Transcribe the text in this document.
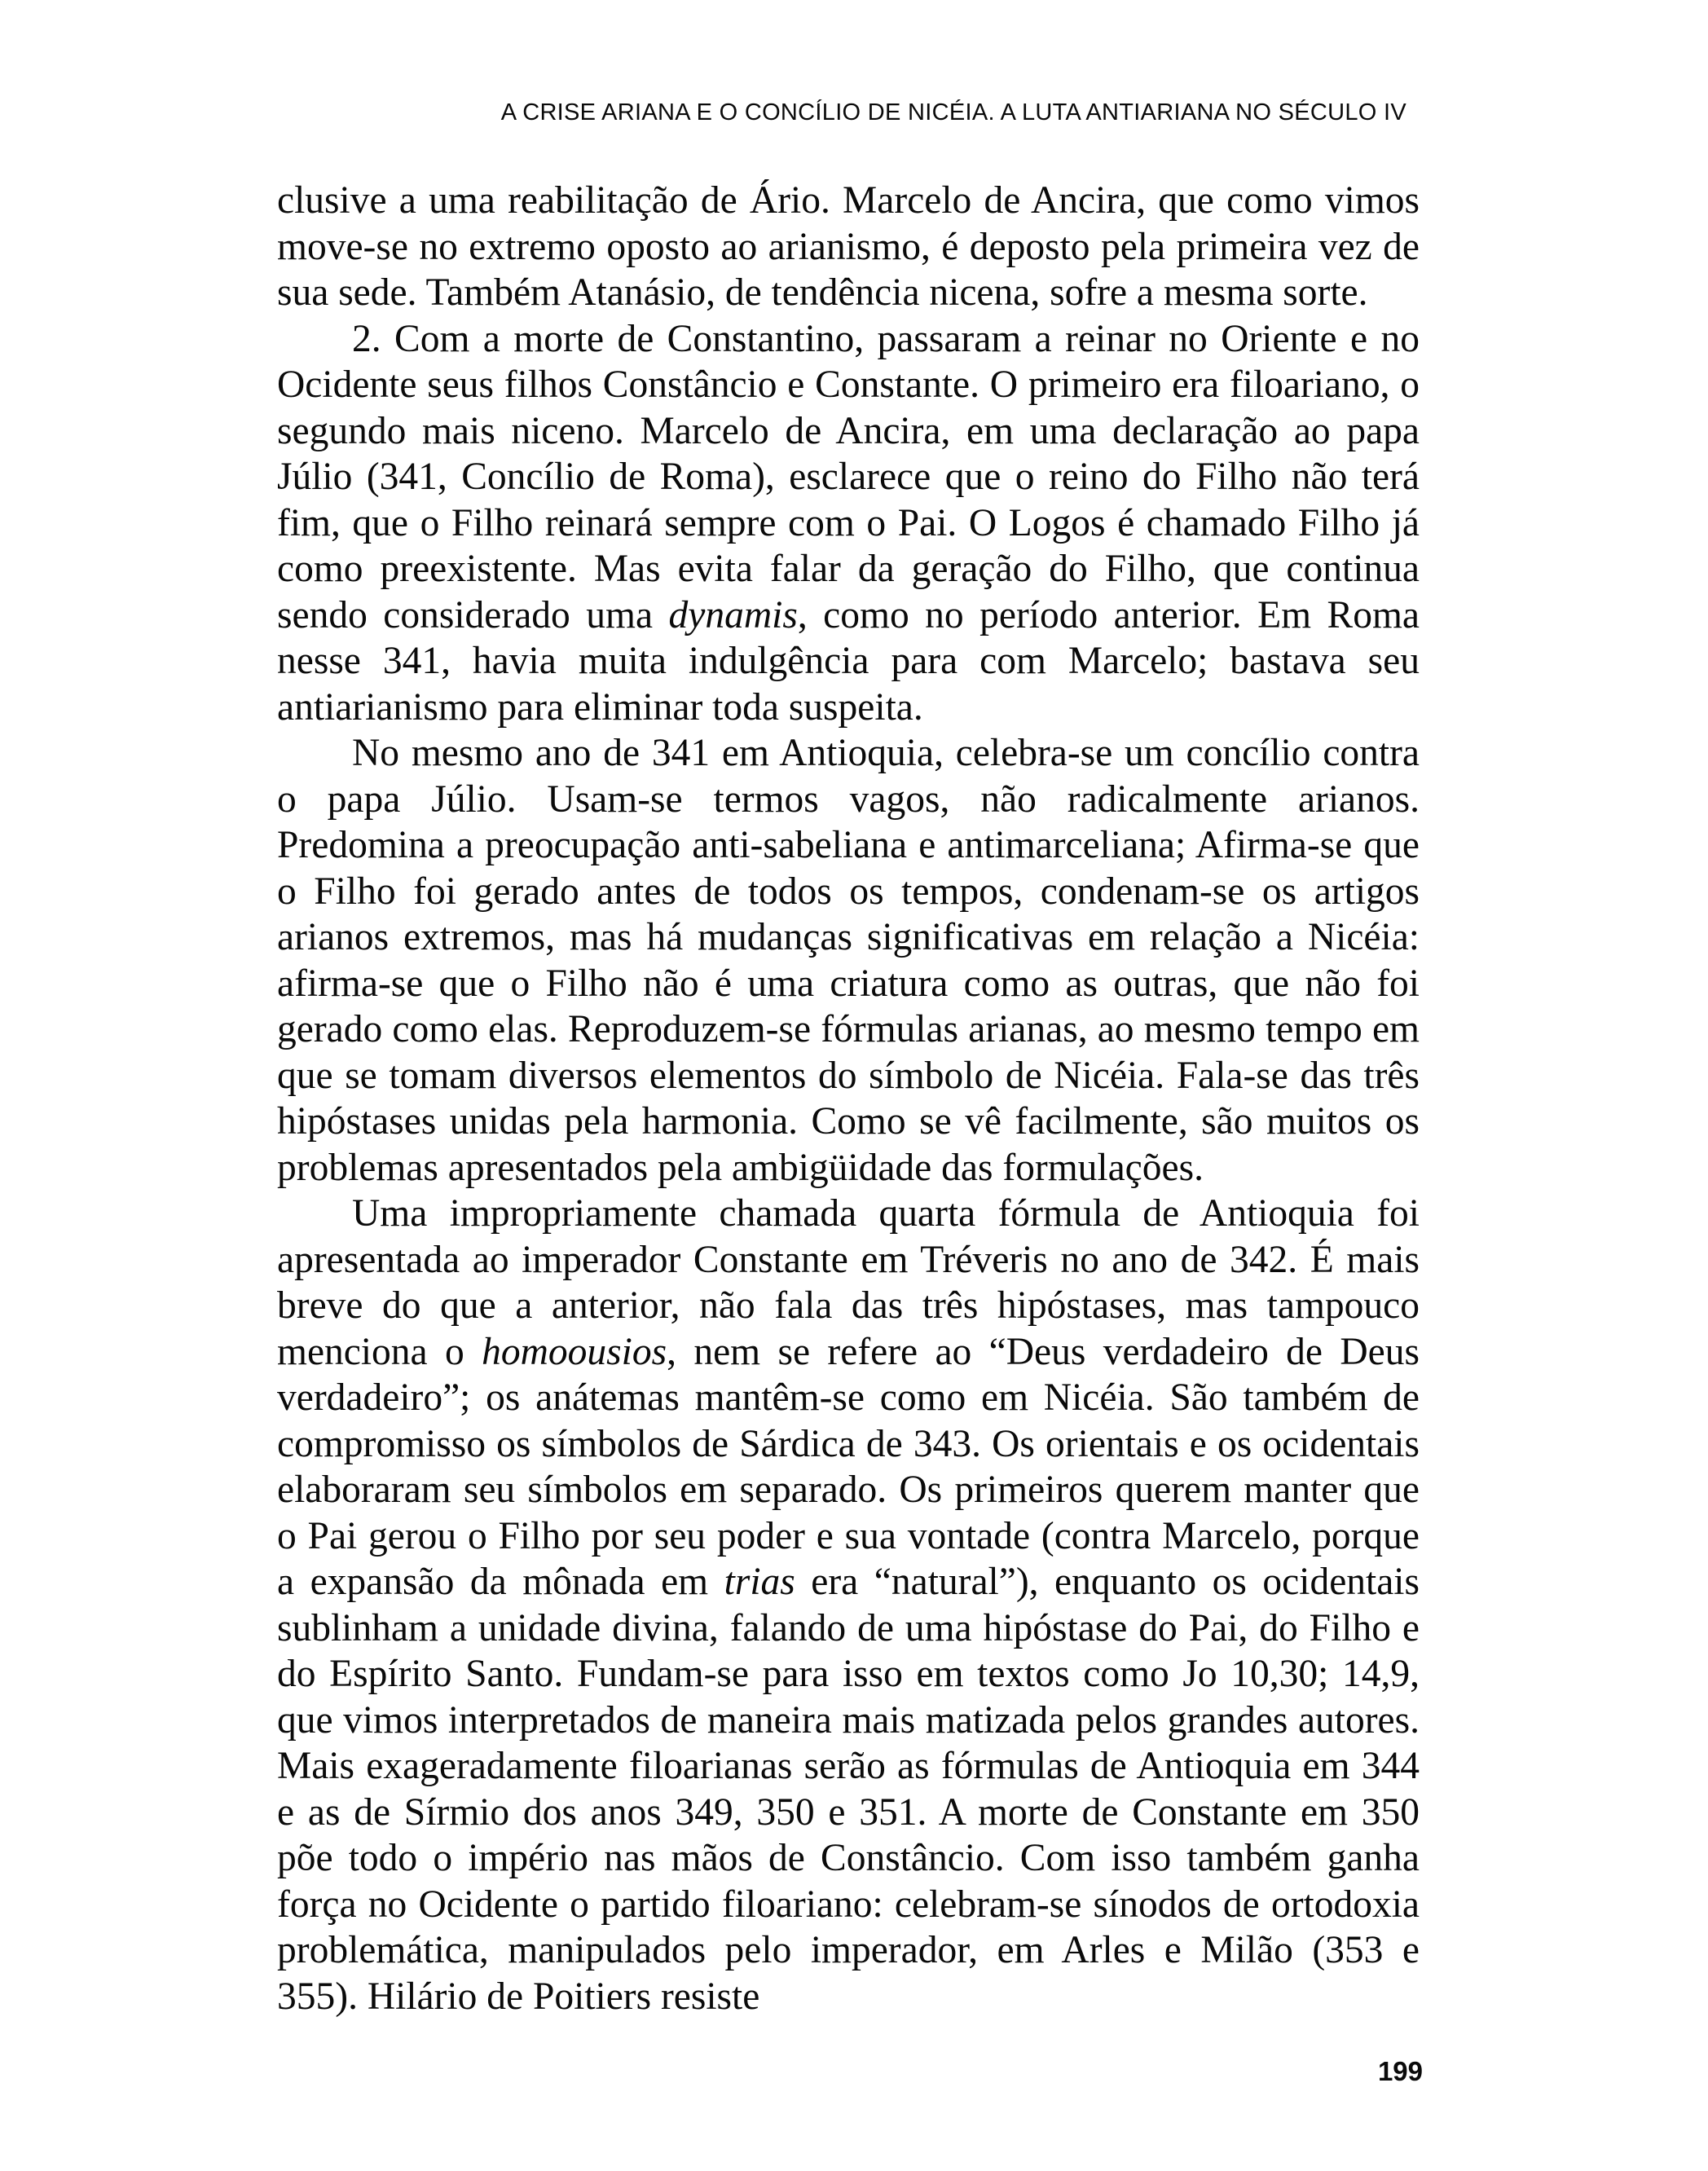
A CRISE ARIANA E O CONCÍLIO DE NICÉIA. A LUTA ANTIARIANA NO SÉCULO IV

clusive a uma reabilitação de Ário. Marcelo de Ancira, que como vimos move-se no extremo oposto ao arianismo, é deposto pela primeira vez de sua sede. Também Atanásio, de tendência nicena, sofre a mesma sorte.

2. Com a morte de Constantino, passaram a reinar no Oriente e no Ocidente seus filhos Constâncio e Constante. O primeiro era filoariano, o segundo mais niceno. Marcelo de Ancira, em uma declaração ao papa Júlio (341, Concílio de Roma), esclarece que o reino do Filho não terá fim, que o Filho reinará sempre com o Pai. O Logos é chamado Filho já como preexistente. Mas evita falar da geração do Filho, que continua sendo considerado uma dynamis, como no período anterior. Em Roma nesse 341, havia muita indulgência para com Marcelo; bastava seu antiarianismo para eliminar toda suspeita.

No mesmo ano de 341 em Antioquia, celebra-se um concílio contra o papa Júlio. Usam-se termos vagos, não radicalmente arianos. Predomina a preocupação anti-sabeliana e antimarceliana; Afirma-se que o Filho foi gerado antes de todos os tempos, condenam-se os artigos arianos extremos, mas há mudanças significativas em relação a Nicéia: afirma-se que o Filho não é uma criatura como as outras, que não foi gerado como elas. Reproduzem-se fórmulas arianas, ao mesmo tempo em que se tomam diversos elementos do símbolo de Nicéia. Fala-se das três hipóstases unidas pela harmonia. Como se vê facilmente, são muitos os problemas apresentados pela ambigüidade das formulações.

Uma impropriamente chamada quarta fórmula de Antioquia foi apresentada ao imperador Constante em Tréveris no ano de 342. É mais breve do que a anterior, não fala das três hipóstases, mas tampouco menciona o homoousios, nem se refere ao “Deus verdadeiro de Deus verdadeiro”; os anátemas mantêm-se como em Nicéia. São também de compromisso os símbolos de Sárdica de 343. Os orientais e os ocidentais elaboraram seu símbolos em separado. Os primeiros querem manter que o Pai gerou o Filho por seu poder e sua vontade (contra Marcelo, porque a expansão da mônada em trias era “natural”), enquanto os ocidentais sublinham a unidade divina, falando de uma hipóstase do Pai, do Filho e do Espírito Santo. Fundam-se para isso em textos como Jo 10,30; 14,9, que vimos interpretados de maneira mais matizada pelos grandes autores. Mais exageradamente filoarianas serão as fórmulas de Antioquia em 344 e as de Sírmio dos anos 349, 350 e 351. A morte de Constante em 350 põe todo o império nas mãos de Constâncio. Com isso também ganha força no Ocidente o partido filoariano: celebram-se sínodos de ortodoxia problemática, manipulados pelo imperador, em Arles e Milão (353 e 355). Hilário de Poitiers resiste

199
